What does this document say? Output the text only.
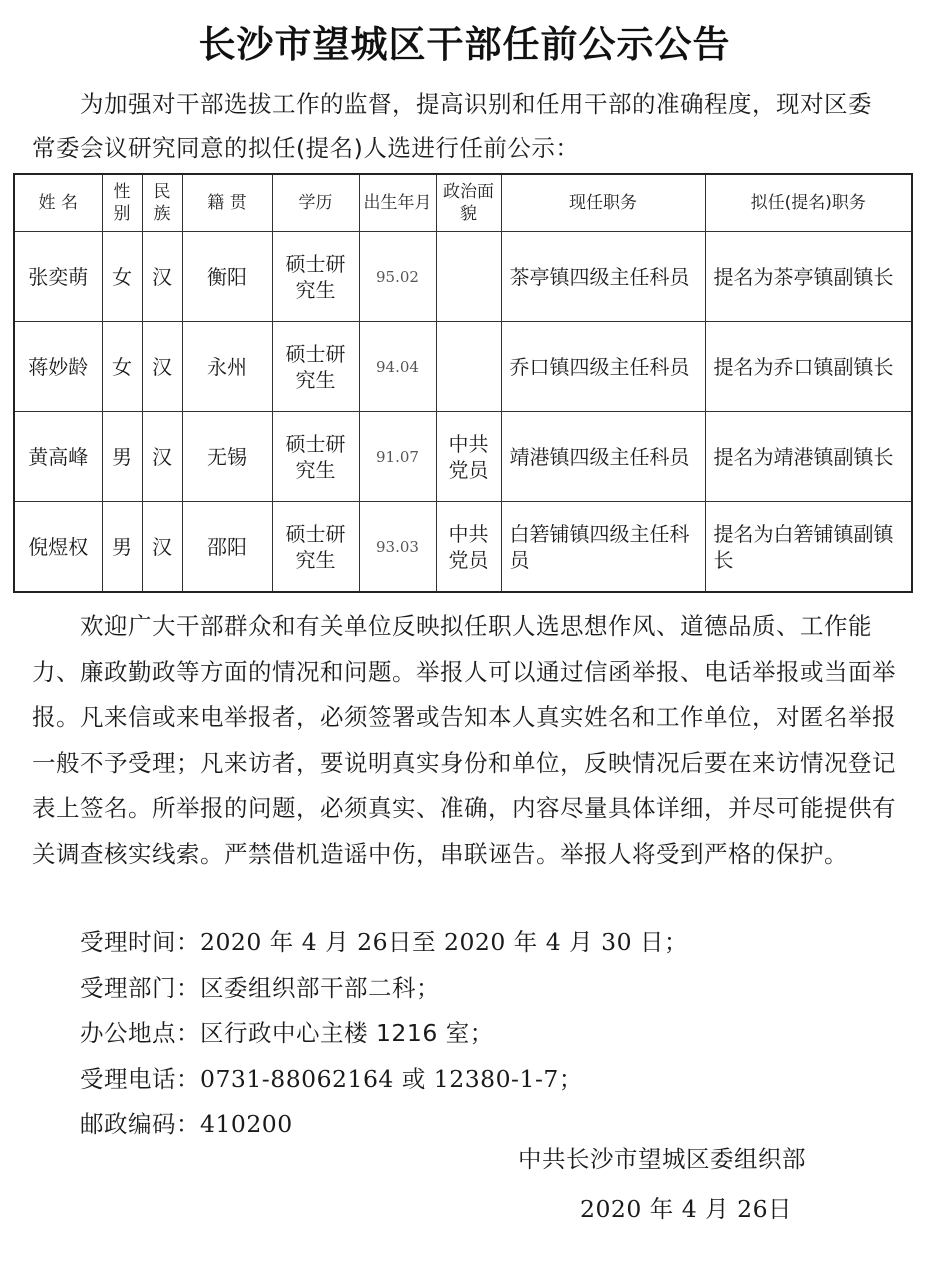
长沙市望城区干部任前公示公告
为加强对干部选拔工作的监督，提高识别和任用干部的准确程度，现对区委常委会议研究同意的拟任(提名)人选进行任前公示：
姓 名	性别	民族	籍 贯	学历	出生年月	政治面貌	现任职务	拟任(提名)职务
张奕萌	女	汉	衡阳	硕士研究生	95.02		茶亭镇四级主任科员	提名为茶亭镇副镇长
蒋妙龄	女	汉	永州	硕士研究生	94.04		乔口镇四级主任科员	提名为乔口镇副镇长
黄高峰	男	汉	无锡	硕士研究生	91.07	中共党员	靖港镇四级主任科员	提名为靖港镇副镇长
倪煜权	男	汉	邵阳	硕士研究生	93.03	中共党员	白箬铺镇四级主任科员	提名为白箬铺镇副镇长
欢迎广大干部群众和有关单位反映拟任职人选思想作风、道德品质、工作能力、廉政勤政等方面的情况和问题。举报人可以通过信函举报、电话举报或当面举报。凡来信或来电举报者，必须签署或告知本人真实姓名和工作单位，对匿名举报一般不予受理；凡来访者，要说明真实身份和单位，反映情况后要在来访情况登记表上签名。所举报的问题，必须真实、准确，内容尽量具体详细，并尽可能提供有关调查核实线索。严禁借机造谣中伤，串联诬告。举报人将受到严格的保护。
受理时间：2020 年 4 月 26日至 2020 年 4 月 30 日；
受理部门：区委组织部干部二科；
办公地点：区行政中心主楼 1216 室；
受理电话：0731-88062164 或 12380-1-7；
邮政编码：410200
中共长沙市望城区委组织部
2020 年 4 月 26日
